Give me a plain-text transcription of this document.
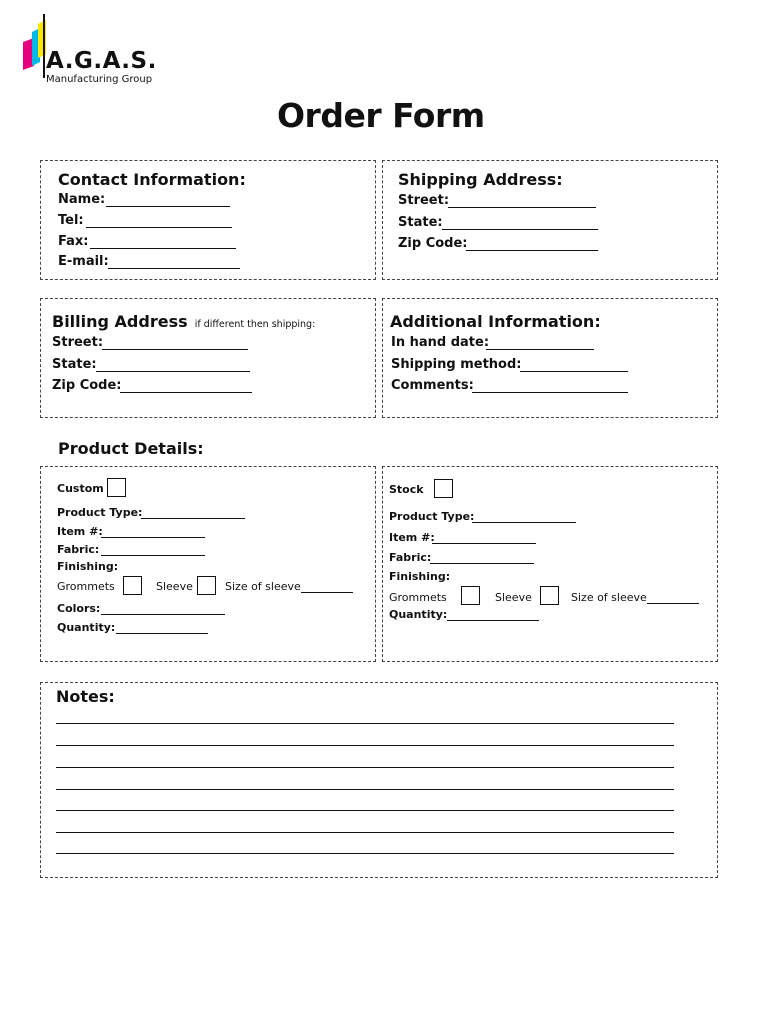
A.G.A.S.
Manufacturing Group
Order Form
Contact Information:
Name:
Tel:
Fax:
E-mail:
Shipping Address:
Street:
State:
Zip Code:
Billing Address if different then shipping:
Street:
State:
Zip Code:
Additional Information:
In hand date:
Shipping method:
Comments:
Product Details:
Custom
Product Type:
Item #:
Fabric:
Finishing:
Grommets	Sleeve	Size of sleeve
Colors:
Quantity:
Stock
Product Type:
Item #:
Fabric:
Finishing:
Grommets	Sleeve	Size of sleeve
Quantity:
Notes:
